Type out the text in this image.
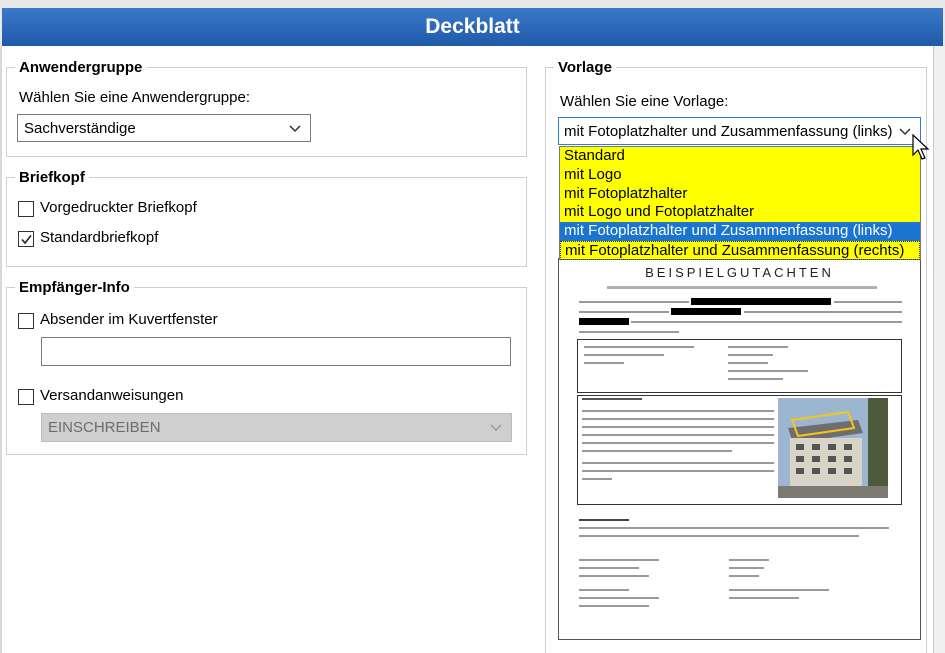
Deckblatt
Anwendergruppe
Wählen Sie eine Anwendergruppe:
Sachverständige
Briefkopf
Vorgedruckter Briefkopf
Standardbriefkopf
Empfänger-Info
Absender im Kuvertfenster
Versandanweisungen
EINSCHREIBEN
Vorlage
Wählen Sie eine Vorlage:
mit Fotoplatzhalter und Zusammenfassung (links)
BEISPIELGUTACHTEN
Standard
mit Logo
mit Fotoplatzhalter
mit Logo und Fotoplatzhalter
mit Fotoplatzhalter und Zusammenfassung (links)
mit Fotoplatzhalter und Zusammenfassung (rechts)
